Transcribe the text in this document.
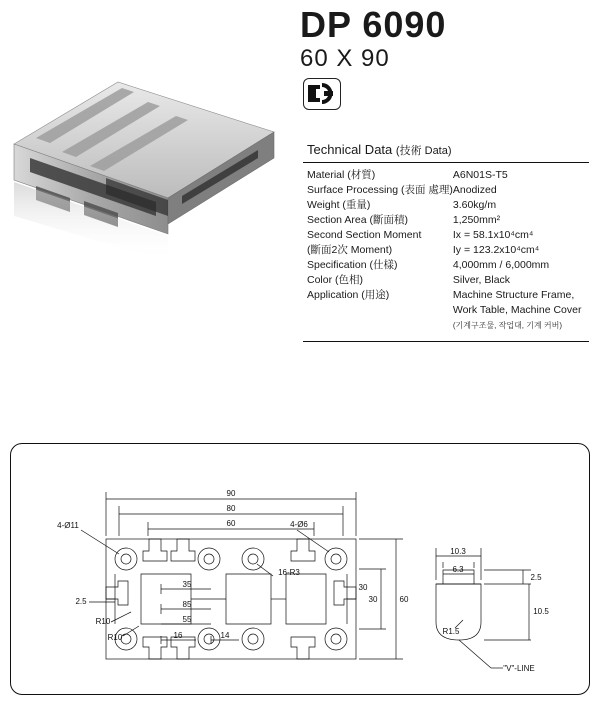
DP 6090
60 X 90
Technical Data (技術 Data)
Material (材質)	A6N01S-T5
Surface Processing (表面 處理)	Anodized
Weight (重量)	3.60kg/m
Section Area (斷面積)	1,250mm²
Second Section Moment	Ix = 58.1x10⁴cm⁴
(斷面2次 Moment)	Iy = 123.2x10⁴cm⁴
Specification (仕樣)	4,000mm / 6,000mm
Color (色相)	Silver, Black
Application (用途)	Machine Structure Frame,
	Work Table, Machine Cover
	(기계구조물, 작업대, 기계 커버)
90
80
60
60
30
4-Ø11	4-Ø6
16-R3
2.5
R10
R10
35
85
55
16	14
30
10.3
6.3
2.5
10.5
R1.5
"V"-LINE
